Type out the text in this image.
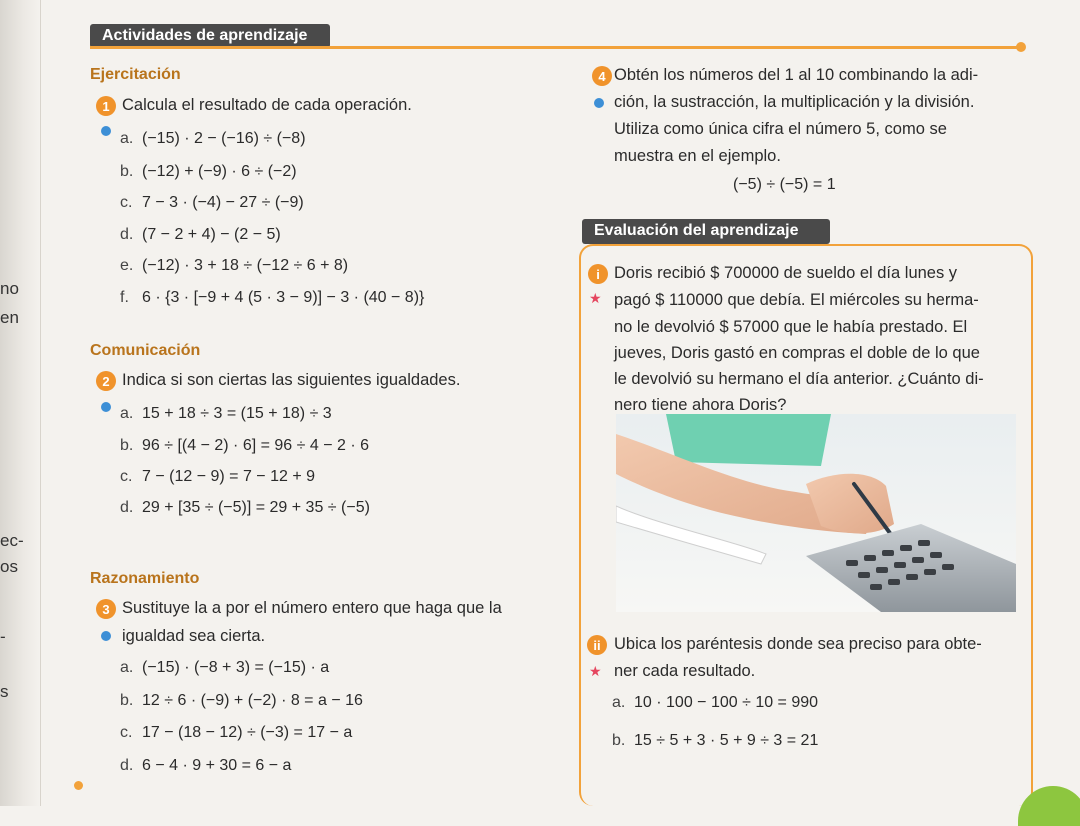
no
en
ec-
os
-
s
Actividades de aprendizaje
Ejercitación
1 Calcula el resultado de cada operación.
a. (−15) · 2 − (−16) ÷ (−8)
b. (−12) + (−9) · 6 ÷ (−2)
c. 7 − 3 · (−4) − 27 ÷ (−9)
d. (7 − 2 + 4) − (2 − 5)
e. (−12) · 3 + 18 ÷ (−12 ÷ 6 + 8)
f. 6 · {3 · [−9 + 4 (5 · 3 − 9)] − 3 · (40 − 8)}
Comunicación
2 Indica si son ciertas las siguientes igualdades.
a. 15 + 18 ÷ 3 = (15 + 18) ÷ 3
b. 96 ÷ [(4 − 2) · 6] = 96 ÷ 4 − 2 · 6
c. 7 − (12 − 9) = 7 − 12 + 9
d. 29 + [35 ÷ (−5)] = 29 + 35 ÷ (−5)
Razonamiento
3 Sustituye la a por el número entero que haga que la
igualdad sea cierta.
a. (−15) · (−8 + 3) = (−15) · a
b. 12 ÷ 6 · (−9) + (−2) · 8 = a − 16
c. 17 − (18 − 12) ÷ (−3) = 17 − a
d. 6 − 4 · 9 + 30 = 6 − a
4 Obtén los números del 1 al 10 combinando la adi-
ción, la sustracción, la multiplicación y la división.
Utiliza como única cifra el número 5, como se
muestra en el ejemplo.
(−5) ÷ (−5) = 1
Evaluación del aprendizaje
i
★
Doris recibió $ 700000 de sueldo el día lunes y
pagó $ 110000 que debía. El miércoles su herma-
no le devolvió $ 57000 que le había prestado. El
jueves, Doris gastó en compras el doble de lo que
le devolvió su hermano el día anterior. ¿Cuánto di-
nero tiene ahora Doris?
ii
★
Ubica los paréntesis donde sea preciso para obte-
ner cada resultado.
a. 10 · 100 − 100 ÷ 10 = 990
b. 15 ÷ 5 + 3 · 5 + 9 ÷ 3 = 21
